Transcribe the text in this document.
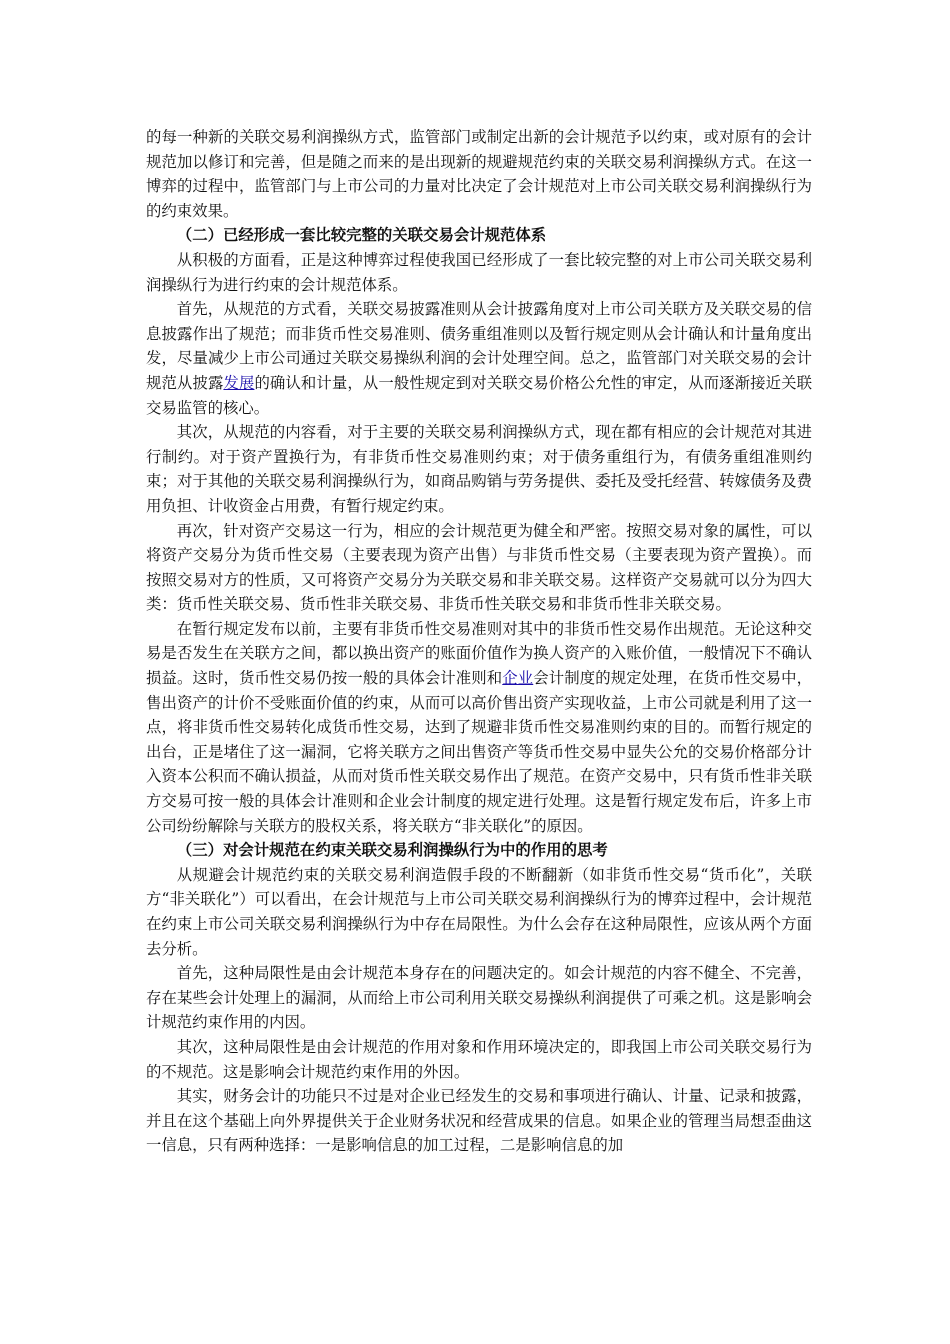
的每一种新的关联交易利润操纵方式，监管部门或制定出新的会计规范予以约束，或对原有的会计规范加以修订和完善，但是随之而来的是出现新的规避规范约束的关联交易利润操纵方式。在这一博弈的过程中，监管部门与上市公司的力量对比决定了会计规范对上市公司关联交易利润操纵行为的约束效果。

（二）已经形成一套比较完整的关联交易会计规范体系

从积极的方面看，正是这种博弈过程使我国已经形成了一套比较完整的对上市公司关联交易利润操纵行为进行约束的会计规范体系。

首先，从规范的方式看，关联交易披露准则从会计披露角度对上市公司关联方及关联交易的信息披露作出了规范；而非货币性交易准则、债务重组准则以及暂行规定则从会计确认和计量角度出发，尽量减少上市公司通过关联交易操纵利润的会计处理空间。总之，监管部门对关联交易的会计规范从披露发展的确认和计量，从一般性规定到对关联交易价格公允性的审定，从而逐渐接近关联交易监管的核心。

其次，从规范的内容看，对于主要的关联交易利润操纵方式，现在都有相应的会计规范对其进行制约。对于资产置换行为，有非货币性交易准则约束；对于债务重组行为，有债务重组准则约束；对于其他的关联交易利润操纵行为，如商品购销与劳务提供、委托及受托经营、转嫁债务及费用负担、计收资金占用费，有暂行规定约束。

再次，针对资产交易这一行为，相应的会计规范更为健全和严密。按照交易对象的属性，可以将资产交易分为货币性交易（主要表现为资产出售）与非货币性交易（主要表现为资产置换）。而按照交易对方的性质，又可将资产交易分为关联交易和非关联交易。这样资产交易就可以分为四大类：货币性关联交易、货币性非关联交易、非货币性关联交易和非货币性非关联交易。

在暂行规定发布以前，主要有非货币性交易准则对其中的非货币性交易作出规范。无论这种交易是否发生在关联方之间，都以换出资产的账面价值作为换人资产的入账价值，一般情况下不确认损益。这时，货币性交易仍按一般的具体会计准则和企业会计制度的规定处理，在货币性交易中，售出资产的计价不受账面价值的约束，从而可以高价售出资产实现收益，上市公司就是利用了这一点，将非货币性交易转化成货币性交易，达到了规避非货币性交易准则约束的目的。而暂行规定的出台，正是堵住了这一漏洞，它将关联方之间出售资产等货币性交易中显失公允的交易价格部分计入资本公积而不确认损益，从而对货币性关联交易作出了规范。在资产交易中，只有货币性非关联方交易可按一般的具体会计准则和企业会计制度的规定进行处理。这是暂行规定发布后，许多上市公司纷纷解除与关联方的股权关系，将关联方“非关联化”的原因。

（三）对会计规范在约束关联交易利润操纵行为中的作用的思考

从规避会计规范约束的关联交易利润造假手段的不断翻新（如非货币性交易“货币化”，关联方“非关联化”）可以看出，在会计规范与上市公司关联交易利润操纵行为的博弈过程中，会计规范在约束上市公司关联交易利润操纵行为中存在局限性。为什么会存在这种局限性，应该从两个方面去分析。

首先，这种局限性是由会计规范本身存在的问题决定的。如会计规范的内容不健全、不完善，存在某些会计处理上的漏洞，从而给上市公司利用关联交易操纵利润提供了可乘之机。这是影响会计规范约束作用的内因。

其次，这种局限性是由会计规范的作用对象和作用环境决定的，即我国上市公司关联交易行为的不规范。这是影响会计规范约束作用的外因。

其实，财务会计的功能只不过是对企业已经发生的交易和事项进行确认、计量、记录和披露，并且在这个基础上向外界提供关于企业财务状况和经营成果的信息。如果企业的管理当局想歪曲这一信息，只有两种选择：一是影响信息的加工过程，二是影响信息的加
